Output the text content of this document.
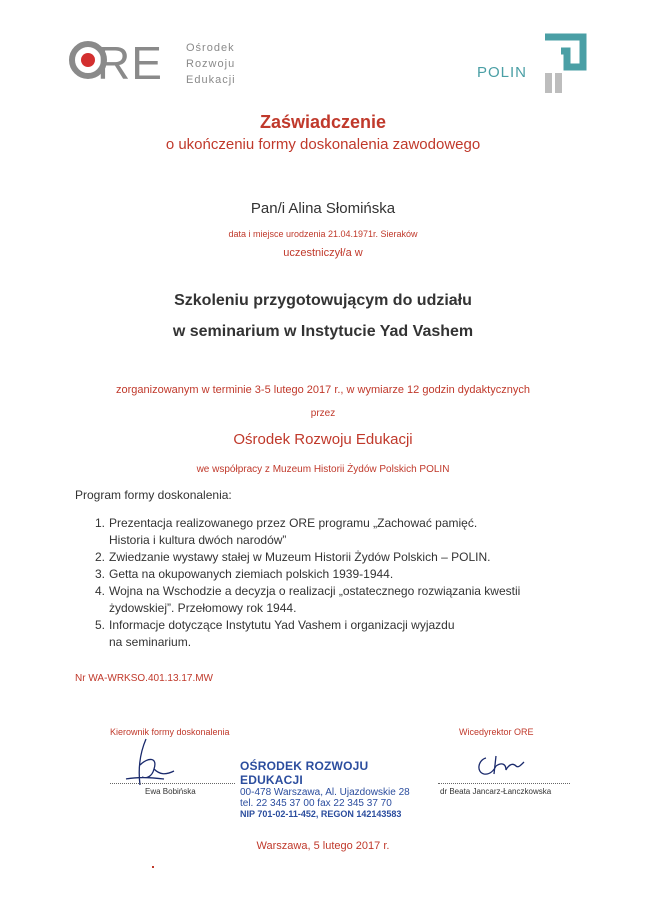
RE Ośrodek
Rozwoju
Edukacji	POLIN
Zaświadczenie
o ukończeniu formy doskonalenia zawodowego
Pan/i Alina Słomińska
data i miejsce urodzenia 21.04.1971r. Sieraków
uczestniczył/a w
Szkoleniu przygotowującym do udziału
w seminarium w Instytucie Yad Vashem
zorganizowanym w terminie 3-5 lutego 2017 r., w wymiarze 12 godzin dydaktycznych
przez
Ośrodek Rozwoju Edukacji
we współpracy z Muzeum Historii Żydów Polskich POLIN
Program formy doskonalenia:
1. Prezentacja realizowanego przez ORE programu „Zachować pamięć.
Historia i kultura dwóch narodów”
2. Zwiedzanie wystawy stałej w Muzeum Historii Żydów Polskich – POLIN.
3. Getta na okupowanych ziemiach polskich 1939-1944.
4. Wojna na Wschodzie a decyzja o realizacji „ostatecznego rozwiązania kwestii
żydowskiej”. Przełomowy rok 1944.
5. Informacje dotyczące Instytutu Yad Vashem i organizacji wyjazdu
na seminarium.
Nr WA-WRKSO.401.13.17.MW
Kierownik formy doskonalenia	Wicedyrektor ORE
Ewa Bobińska	dr Beata Jancarz-Łanczkowska
OŚRODEK ROZWOJU EDUKACJI
00-478 Warszawa, Al. Ujazdowskie 28
tel. 22 345 37 00 fax 22 345 37 70
NIP 701-02-11-452, REGON 142143583
Warszawa, 5 lutego 2017 r.
